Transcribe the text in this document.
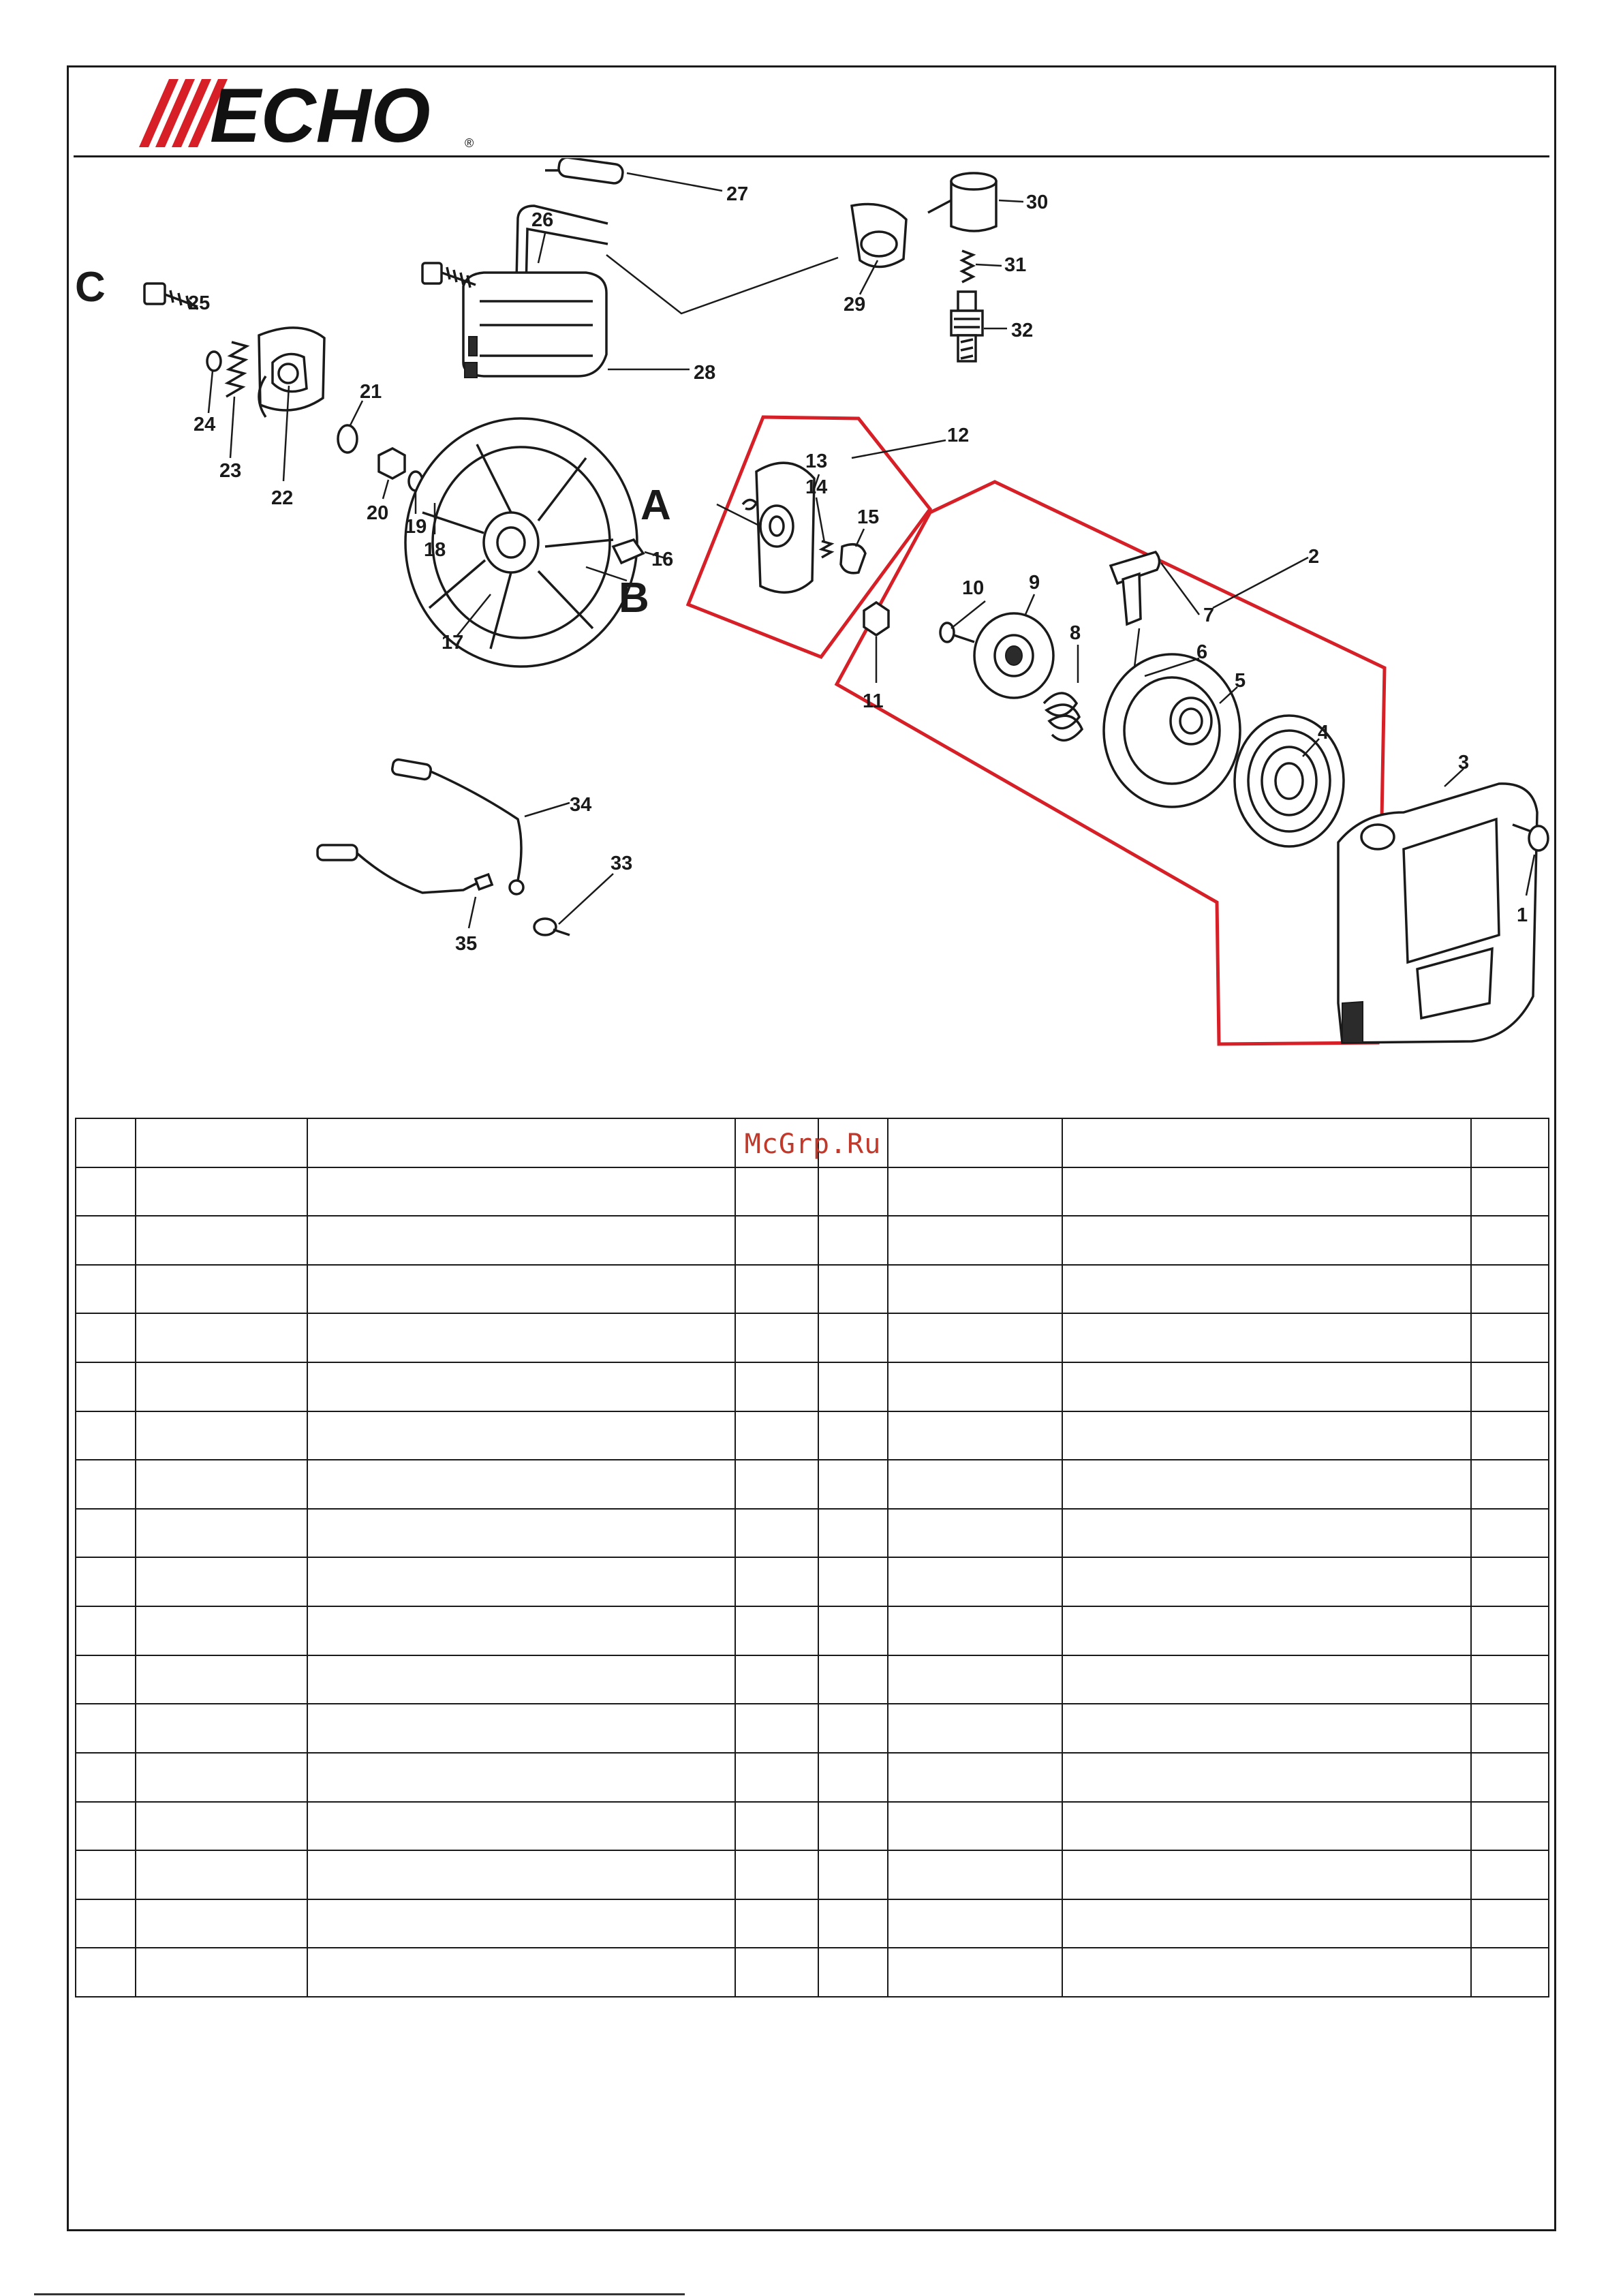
ECHO	®
C
A
B
1
2
3
4
5
6
7
8
9
10
11
12
13
14
15
16
17
18
19
20
21
22
23
24
25
26
27
28
29
30
31
32
33
34
35

McGrp.Ru
